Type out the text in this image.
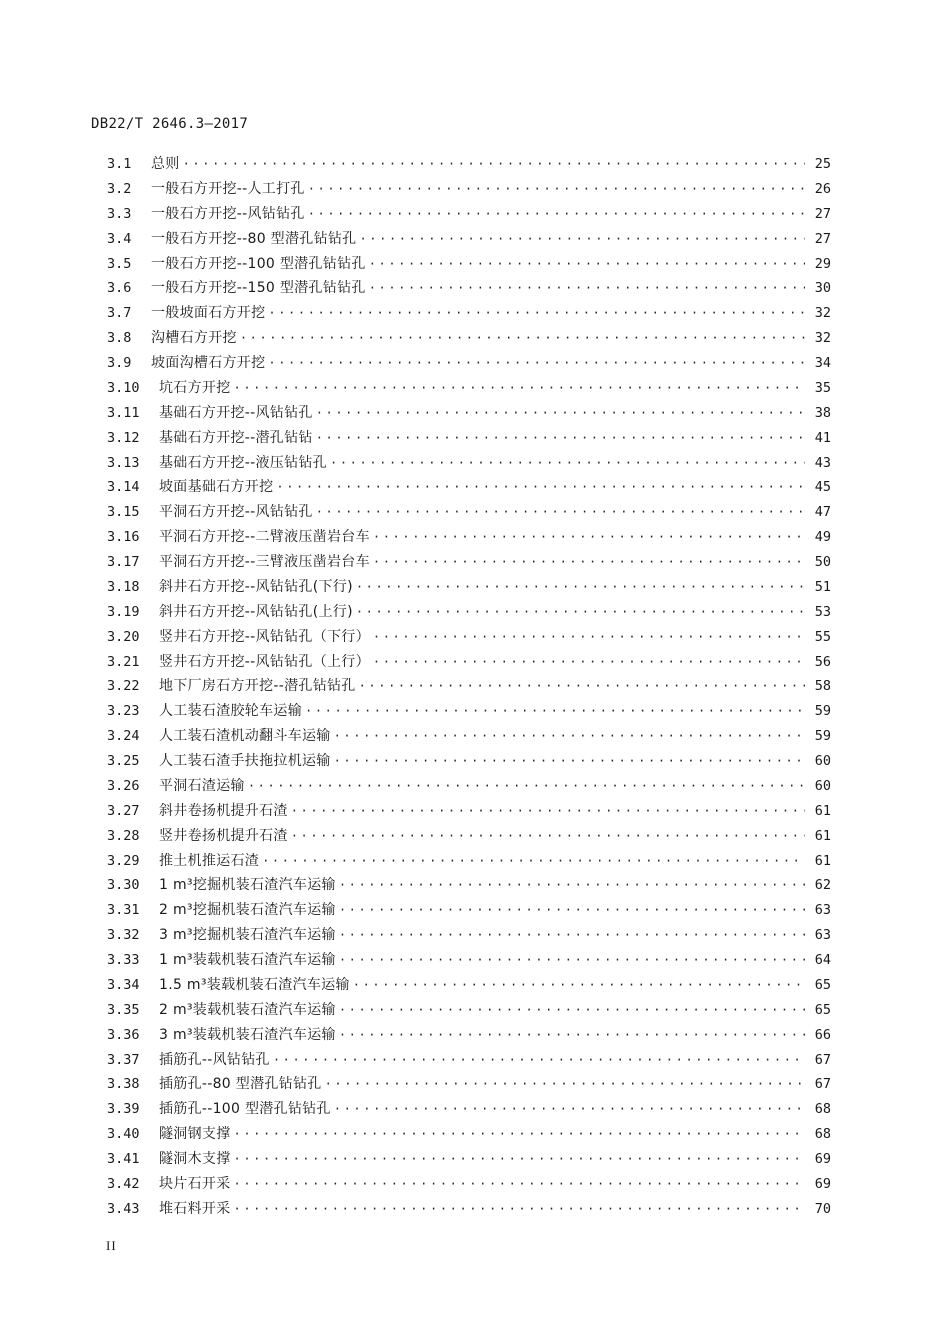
DB22/T 2646.3—2017
3.1	总则 ·····	25
3.2	一般石方开挖--人工打孔 ·····	26
3.3	一般石方开挖--风钻钻孔 ·····	27
3.4	一般石方开挖--80 型潜孔钻钻孔 ·····	27
3.5	一般石方开挖--100 型潜孔钻钻孔 ·····	29
3.6	一般石方开挖--150 型潜孔钻钻孔 ·····	30
3.7	一般坡面石方开挖 ·····	32
3.8	沟槽石方开挖 ·····	32
3.9	坡面沟槽石方开挖 ·····	34
3.10	坑石方开挖 ·····	35
3.11	基础石方开挖--风钻钻孔 ·····	38
3.12	基础石方开挖--潜孔钻钻 ·····	41
3.13	基础石方开挖--液压钻钻孔 ·····	43
3.14	坡面基础石方开挖 ·····	45
3.15	平洞石方开挖--风钻钻孔 ·····	47
3.16	平洞石方开挖--二臂液压凿岩台车 ·····	49
3.17	平洞石方开挖--三臂液压凿岩台车 ·····	50
3.18	斜井石方开挖--风钻钻孔(下行) ·····	51
3.19	斜井石方开挖--风钻钻孔(上行) ·····	53
3.20	竖井石方开挖--风钻钻孔（下行） ·····	55
3.21	竖井石方开挖--风钻钻孔（上行） ·····	56
3.22	地下厂房石方开挖--潜孔钻钻孔 ·····	58
3.23	人工装石渣胶轮车运输 ·····	59
3.24	人工装石渣机动翻斗车运输 ·····	59
3.25	人工装石渣手扶拖拉机运输 ·····	60
3.26	平洞石渣运输 ·····	60
3.27	斜井卷扬机提升石渣 ·····	61
3.28	竖井卷扬机提升石渣 ·····	61
3.29	推土机推运石渣 ·····	61
3.30	1 m³挖掘机装石渣汽车运输 ·····	62
3.31	2 m³挖掘机装石渣汽车运输 ·····	63
3.32	3 m³挖掘机装石渣汽车运输 ·····	63
3.33	1 m³装载机装石渣汽车运输 ·····	64
3.34	1.5 m³装载机装石渣汽车运输 ·····	65
3.35	2 m³装载机装石渣汽车运输 ·····	65
3.36	3 m³装载机装石渣汽车运输 ·····	66
3.37	插筋孔--风钻钻孔 ·····	67
3.38	插筋孔--80 型潜孔钻钻孔 ·····	67
3.39	插筋孔--100 型潜孔钻钻孔 ·····	68
3.40	隧洞钢支撑 ·····	68
3.41	隧洞木支撑 ·····	69
3.42	块片石开采 ·····	69
3.43	堆石料开采 ·····	70
II
